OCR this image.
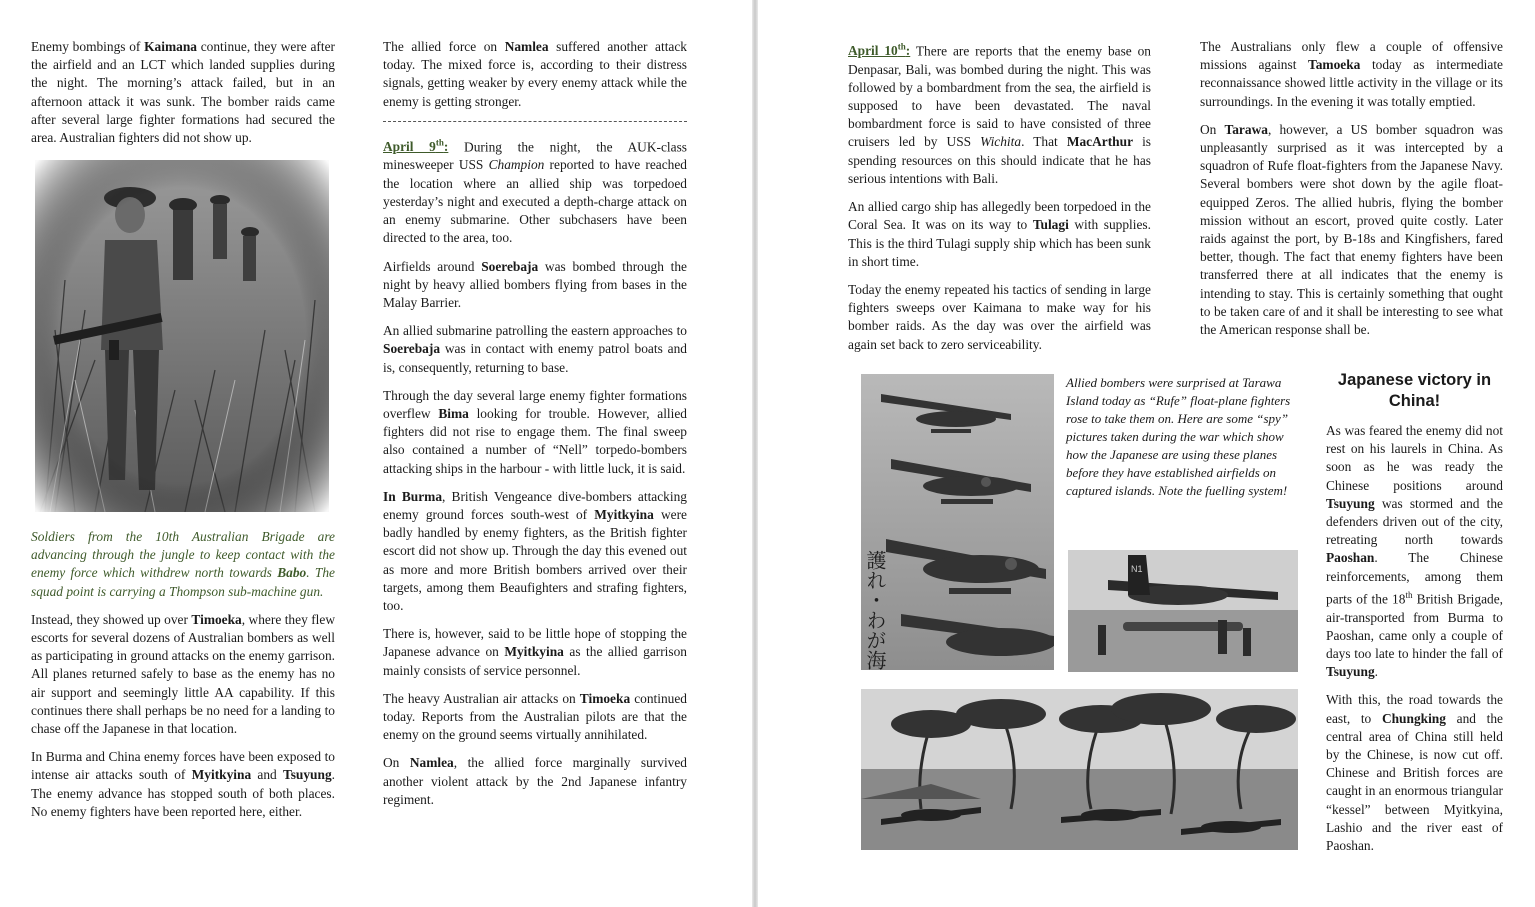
Enemy bombings of Kaimana continue, they were after the airfield and an LCT which landed supplies during the night. The morning’s attack failed, but in an afternoon attack it was sunk. The bomber raids came after several large fighter formations had secured the area. Australian fighters did not show up.

Soldiers from the 10th Australian Brigade are advancing through the jungle to keep contact with the enemy force which withdrew north towards Babo. The squad point is carrying a Thompson sub-machine gun.

Instead, they showed up over Timoeka, where they flew escorts for several dozens of Australian bombers as well as participating in ground attacks on the enemy garrison. All planes returned safely to base as the enemy has no air support and seemingly little AA capability. If this continues there shall perhaps be no need for a landing to chase off the Japanese in that location.

In Burma and China enemy forces have been exposed to intense air attacks south of Myitkyina and Tsuyung. The enemy advance has stopped south of both places. No enemy fighters have been reported here, either.

The allied force on Namlea suffered another attack today. The mixed force is, according to their distress signals, getting weaker by every enemy attack while the enemy is getting stronger.

April 9th: During the night, the AUK-class minesweeper USS Champion reported to have reached the location where an allied ship was torpedoed yesterday’s night and executed a depth-charge attack on an enemy submarine. Other subchasers have been directed to the area, too.

Airfields around Soerebaja was bombed through the night by heavy allied bombers flying from bases in the Malay Barrier.

An allied submarine patrolling the eastern approaches to Soerebaja was in contact with enemy patrol boats and is, consequently, returning to base.

Through the day several large enemy fighter formations overflew Bima looking for trouble. However, allied fighters did not rise to engage them. The final sweep also contained a number of “Nell” torpedo-bombers attacking ships in the harbour - with little luck, it is said.

In Burma, British Vengeance dive-bombers attacking enemy ground forces south-west of Myitkyina were badly handled by enemy fighters, as the British fighter escort did not show up. Through the day this evened out as more and more British bombers arrived over their targets, among them Beaufighters and strafing fighters, too.

There is, however, said to be little hope of stopping the Japanese advance on Myitkyina as the allied garrison mainly consists of service personnel.

The heavy Australian air attacks on Timoeka continued today. Reports from the Australian pilots are that the enemy on the ground seems virtually annihilated.

On Namlea, the allied force marginally survived another violent attack by the 2nd Japanese infantry regiment.

April 10th: There are reports that the enemy base on Denpasar, Bali, was bombed during the night. This was followed by a bombardment from the sea, the airfield is supposed to have been devastated. The naval bombardment force is said to have consisted of three cruisers led by USS Wichita. That MacArthur is spending resources on this should indicate that he has serious intentions with Bali.

An allied cargo ship has allegedly been torpedoed in the Coral Sea. It was on its way to Tulagi with supplies. This is the third Tulagi supply ship which has been sunk in short time.

Today the enemy repeated his tactics of sending in large fighters sweeps over Kaimana to make way for his bomber raids. As the day was over the airfield was again set back to zero serviceability.

The Australians only flew a couple of offensive missions against Tamoeka today as intermediate reconnaissance showed little activity in the village or its surroundings. In the evening it was totally emptied.

On Tarawa, however, a US bomber squadron was unpleasantly surprised as it was intercepted by a squadron of Rufe float-fighters from the Japanese Navy. Several bombers were shot down by the agile float-equipped Zeros. The allied hubris, flying the bomber mission without an escort, proved quite costly. Later raids against the port, by B-18s and Kingfishers, fared better, though. The fact that enemy fighters have been transferred there at all indicates that the enemy is intending to stay. This is certainly something that ought to be taken care of and it shall be interesting to see what the American response shall be.

護れ・わが海	N1
Allied bombers were surprised at Tarawa Island today as “Rufe” float-plane fighters rose to take them on. Here are some “spy” pictures taken during the war which show how the Japanese are using these planes before they have established airfields on captured islands. Note the fuelling system!
Japanese victory in China!

As was feared the enemy did not rest on his laurels in China. As soon as he was ready the Chinese positions around Tsuyung was stormed and the defenders driven out of the city, retreating north towards Paoshan. The Chinese reinforcements, among them parts of the 18th British Brigade, air-transported from Burma to Paoshan, came only a couple of days too late to hinder the fall of Tsuyung.

With this, the road towards the east, to Chungking and the central area of China still held by the Chinese, is now cut off. Chinese and British forces are caught in an enormous triangular “kessel” between Myitkyina, Lashio and the river east of Paoshan.
